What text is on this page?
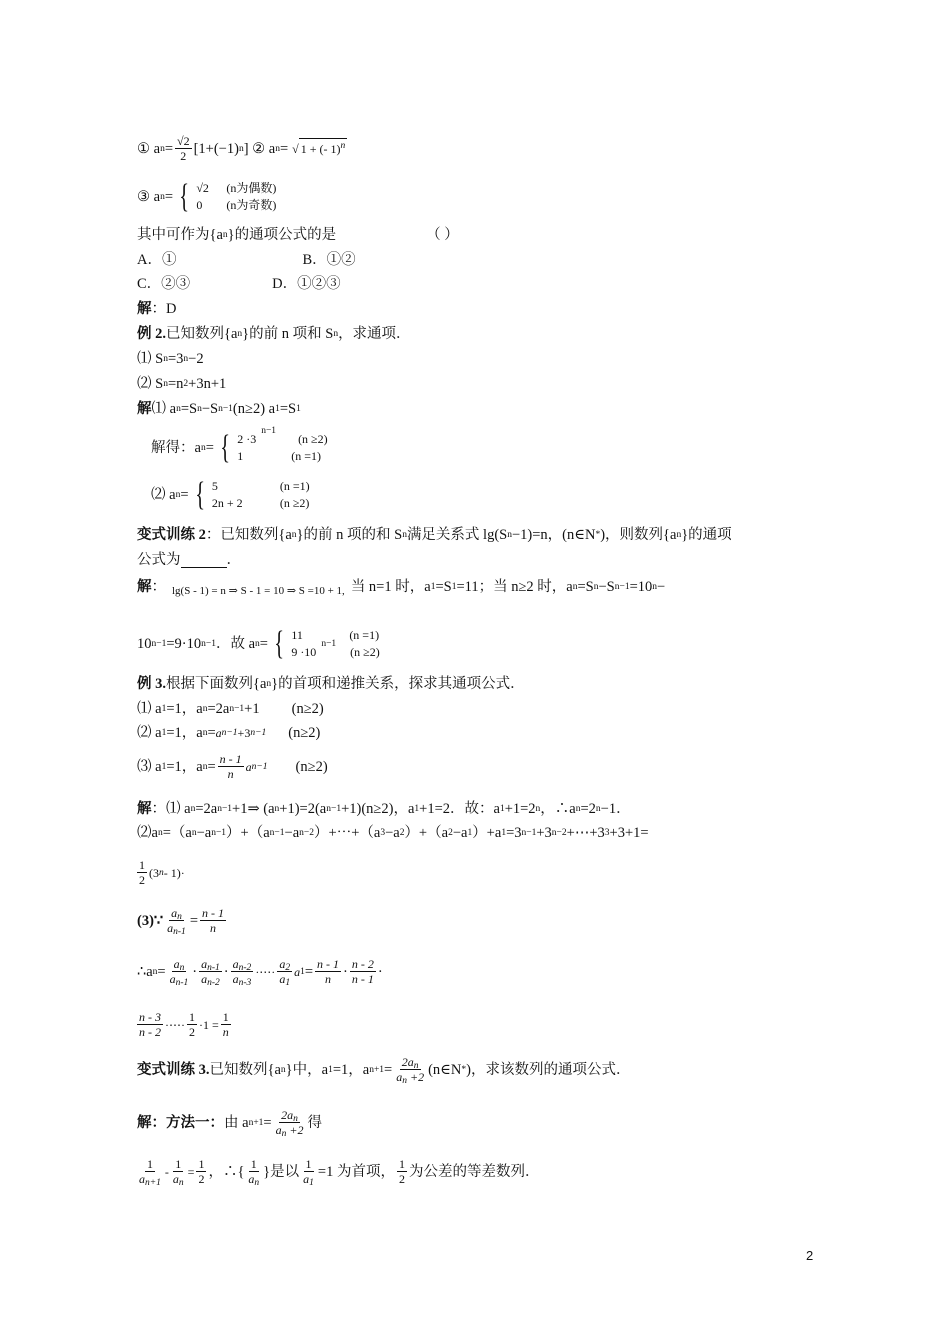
① a $n = \frac{√2}{2} [1+(-1)$ n ] ② a n = √ 1 + (- 1)$^n$
③ a n = { √2	(n为偶数)
0	(n为奇数)
其中可作为{a n }的通项公式的是	（ ）
A．①	B．①②
C．②③	D．①②③
解 ：D
例 2. 已知数列{a n }的前 n 项和 S n ，求通项．
⑴ S n =3 n −2
⑵ S n =n 2 +3n+1
解 ⑴ a n =S n −S n−1 (n≥2) a 1 =S 1
解得：a n = { 2 ·3
n−1
(n ≥2)
1	(n =1)
⑵ a n = { 5	(n =1)
2n + 2	(n ≥2)
变式训练 2 ：已知数列{a n }的前 n 项的和 S n 满足关系式 lg(S n −1)=n，(n∈N * )，则数列{a n }的通项
公式为	．
解 ： lg(S - 1) = n ⇒ S - 1 = 10 ⇒ S =10 + 1, 当 n=1 时，a 1 =S 1 =11；当 n≥2 时，a n =S n −S n−1 =10 n −
10 n−1 =9·10 n−1 ．故 a n = { 11	(n =1)
9 ·10
n−1
(n ≥2)
例 3. 根据下面数列{a n }的首项和递推关系，探求其通项公式．
⑴ a 1 =1，a n =2a n−1 +1 (n≥2)
⑵ a 1 =1，a n = a n−1 +3 n−1 (n≥2)
⑶ a 1 =1，a $n = \frac{n - 1}{n}$ a n−1 (n≥2)
解 ：⑴ a n =2a n−1 +1⇒ (a n +1)=2(a n−1 +1)(n≥2)，a 1 +1=2．故：a 1 +1=2 n ，∴a n =2 n −1．
⑵a n =（a n −a n−1 ）+（a n−1 −a n−2 ）+⋯+（a 3 −a 2 ）+（a 2 −a 1 ）+a 1 =3 n−1 +3 n−2 +⋯+3 3 +3+1=
$\frac{1}{2} (3$ n - 1)·
(3)∵ $\frac{a_n}{a_{n-1}} = \frac{n - 1}{n}$
∴a $n = \frac{a_n}{a_{n-1}} \cdot \frac{a_{n-1}}{a_{n-2}} \cdot \frac{a_{n-2}}{a_{n-3}}$ ·⋯· $\frac{a_2}{a_1}$ a $1 = \frac{n - 1}{n} \cdot \frac{n - 2}{n - 1}$ ·
$\frac{n - 3}{n - 2}$ ·⋯· $\frac{1}{2} \cdot 1 = \frac{1}{n}$
变式训练 3. 已知数列{a n }中，a 1 =1，a $n+1 = \frac{2a_n}{a_n +2}$ (n∈N * )，求该数列的通项公式．
解：方法一： 由 a $n+1 = \frac{2a_n}{a_n +2}$ 得
$\frac{1}{a_{n+1}} - \frac{1}{a_n} = \frac{1}{2}$ ，∴{ $\frac{1}{a_n}$ }是以 $\frac{1}{a_1} =1$ 为首项， $\frac{1}{2}$ 为公差的等差数列．
2
